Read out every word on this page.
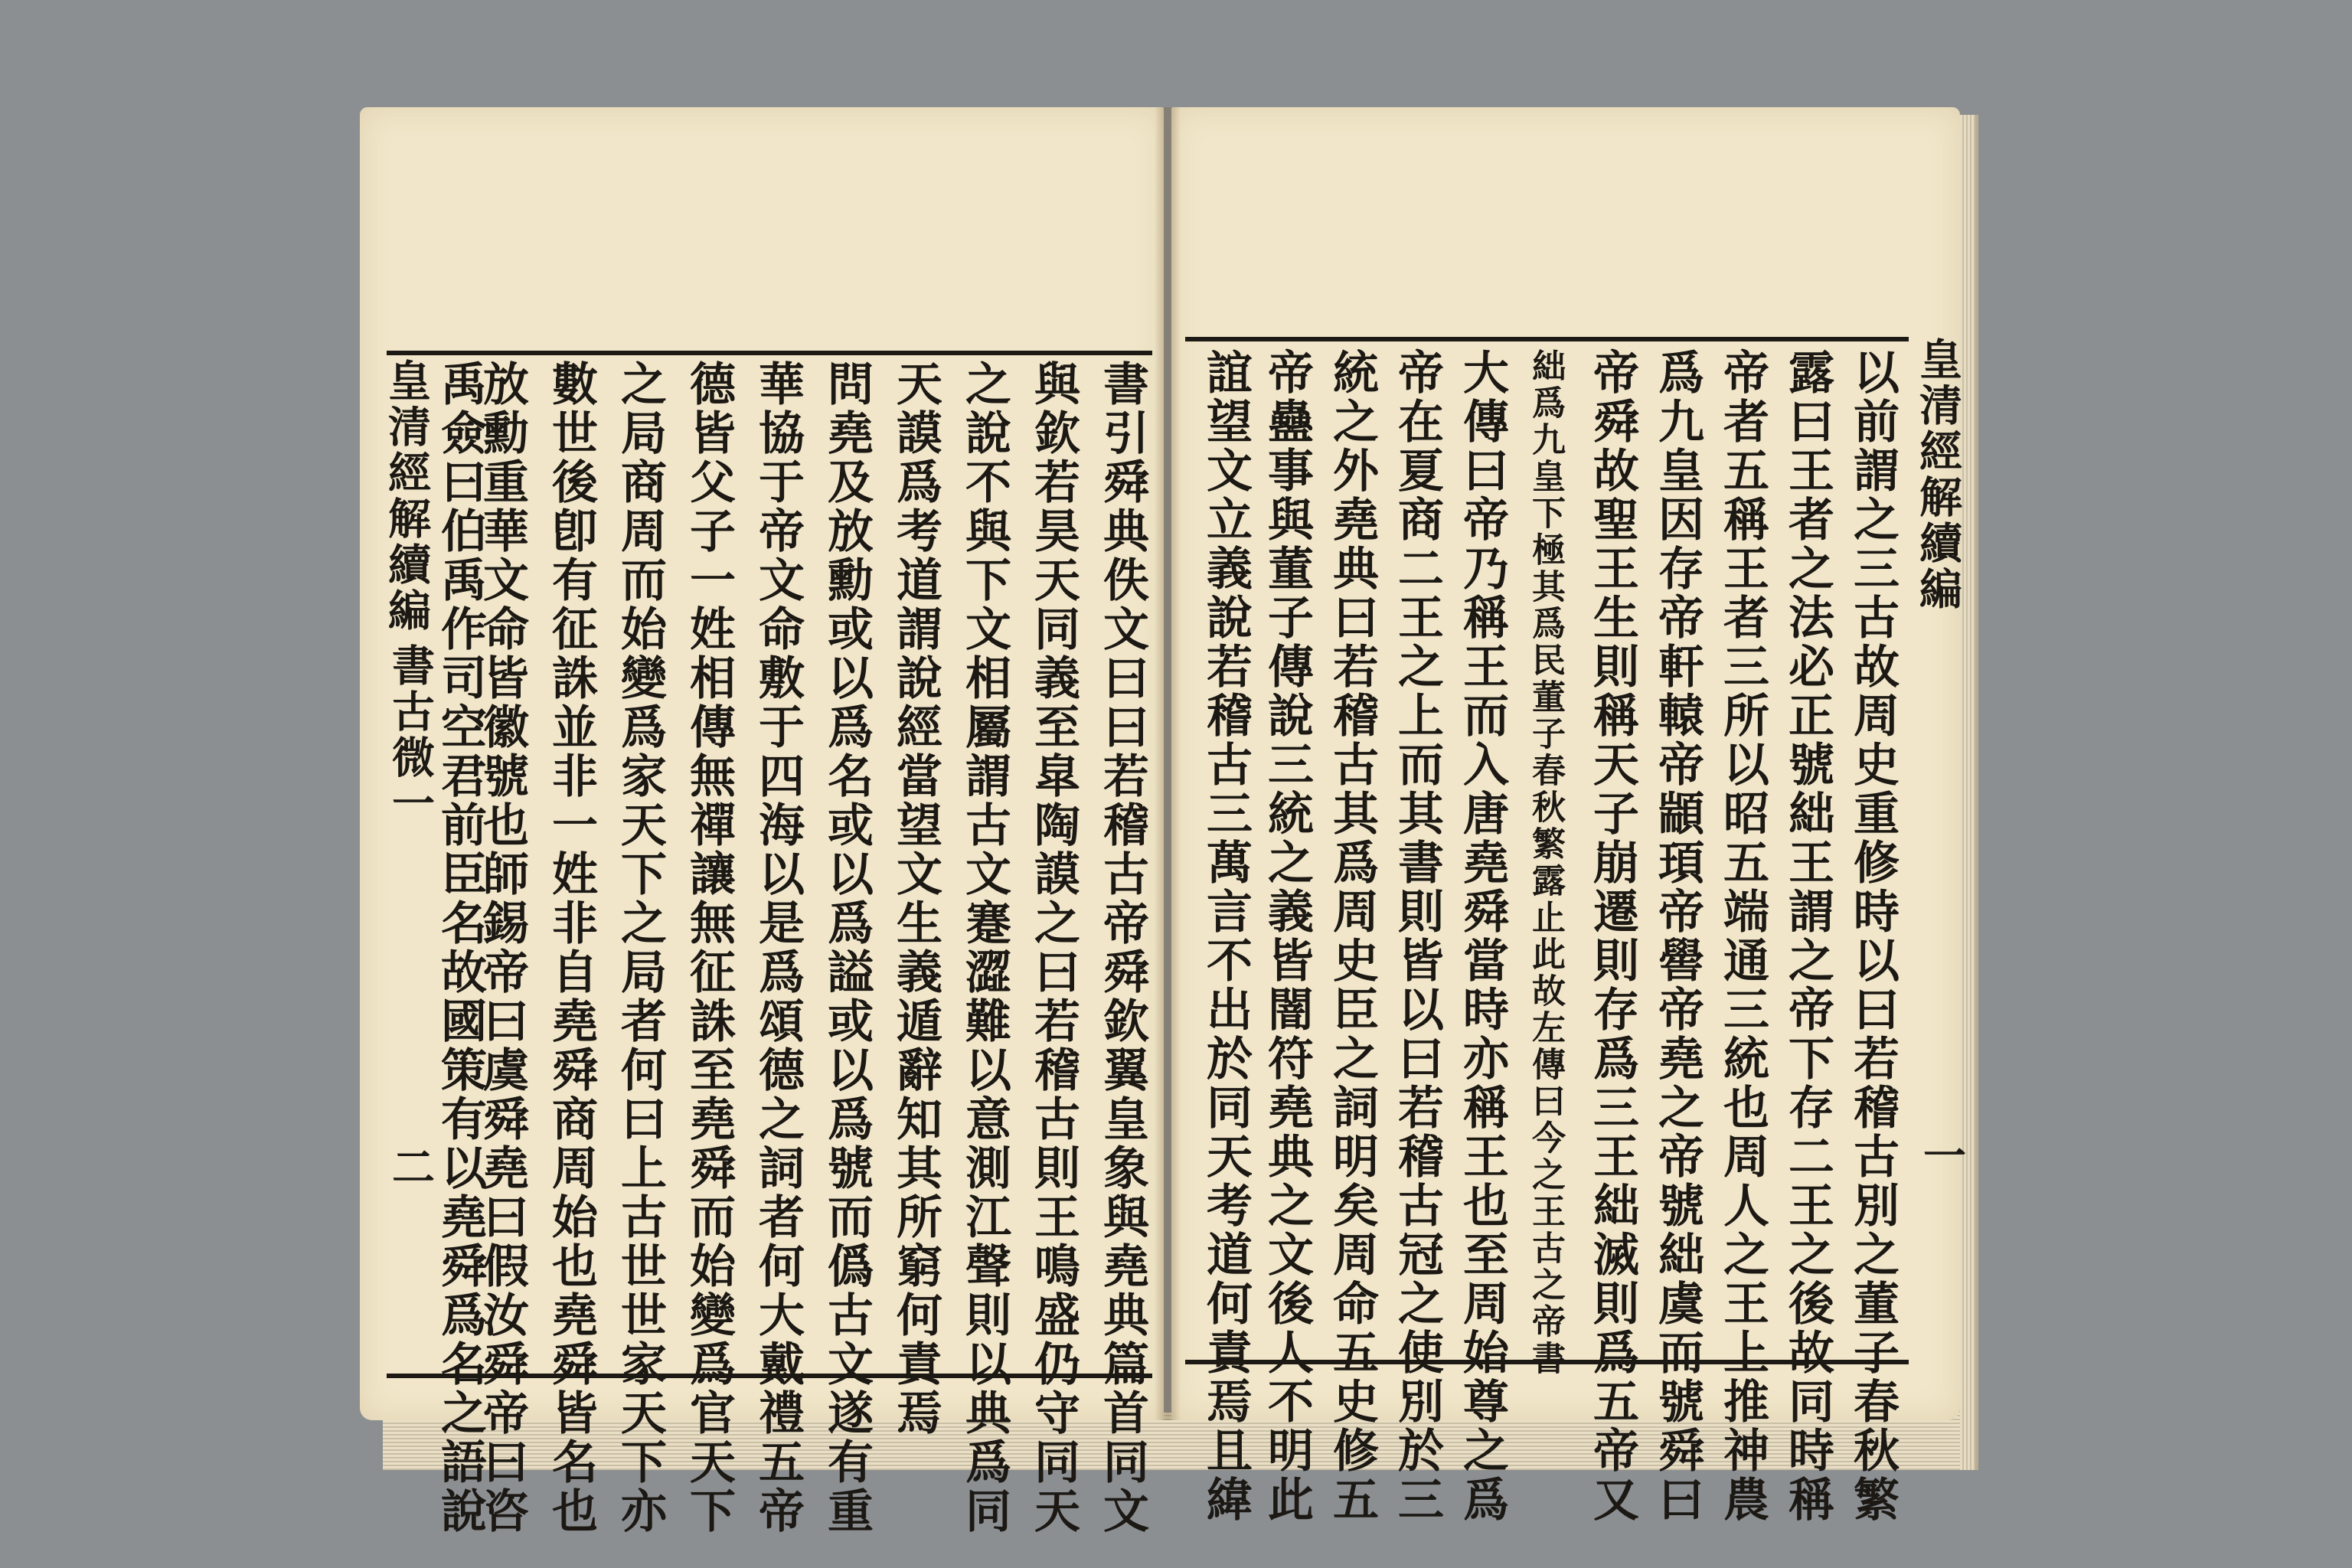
皇清經解續編
書古微一
二	書引舜典佚文曰曰若稽古帝舜欽翼皇象與堯典篇首同文
與欽若昊天同義至皐陶謨之曰若稽古則王鳴盛仍守同天
之說不與下文相屬謂古文蹇澀難以意測江聲則以典爲同
天謨爲考道謂說經當望文生義遁辭知其所窮何責焉
問堯及放勳或以爲名或以爲謚或以爲號而僞古文遂有重
華協于帝文命敷于四海以是爲頌德之詞者何大戴禮五帝
德皆父子一姓相傳無禪讓無征誅至堯舜而始變爲官天下
之局商周而始變爲家天下之局者何曰上古世世家天下亦
數世後卽有征誅並非一姓非自堯舜商周始也堯舜皆名也
放勳重華文命皆徽號也師錫帝曰虞舜堯曰假汝舜帝曰咨
禹僉曰伯禹作司空君前臣名故國策有以堯舜爲名之語說	皇清經解續編
一
以前謂之三古故周史重修時以曰若稽古別之董子春秋繁
露曰王者之法必正號絀王謂之帝下存二王之後故同時稱
帝者五稱王者三所以昭五端通三統也周人之王上推神農
爲九皇因存帝軒轅帝顓頊帝嚳帝堯之帝號絀虞而號舜曰
帝舜故聖王生則稱天子崩遷則存爲三王絀滅則爲五帝又
絀爲九皇下極其爲民董子春秋繁露止此故左傳曰今之王古之帝書
大傳曰帝乃稱王而入唐堯舜當時亦稱王也至周始尊之爲
帝在夏商二王之上而其書則皆以曰若稽古冠之使別於三
統之外堯典曰若稽古其爲周史臣之詞明矣周命五史修五
帝蠱事與董子傳說三統之義皆闇符堯典之文後人不明此
誼望文立義說若稽古三萬言不出於同天考道何責焉且緯
